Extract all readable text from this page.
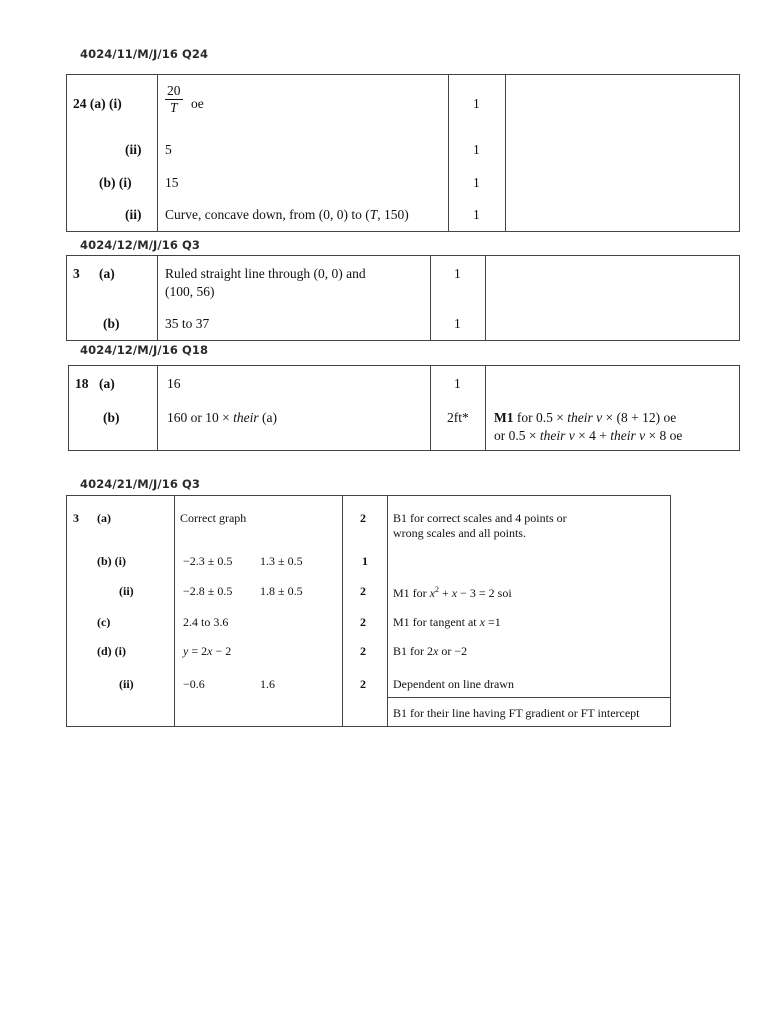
4024/11/M/J/16 Q24
24 (a) (i)	$\frac{20}{T}$ oe	1
(ii) 5	1
(b) (i) 15	1
(ii) Curve, concave down, from (0, 0) to (T, 150)	1
4024/12/M/J/16 Q3
3 (a)	Ruled straight line through (0, 0) and
(100, 56)
1
(b)	35 to 37	1
4024/12/M/J/16 Q18
18 (a)	16	1
(b)	160 or 10 × their (a)	2ft* M1 for 0.5 × their v × (8 + 12) oe
or 0.5 × their v × 4 + their v × 8 oe
4024/21/M/J/16 Q3
3 (a)	Correct graph	2 B1 for correct scales and 4 points or
wrong scales and all points.
(b) (i)	−2.3 ± 0.5 1.3 ± 0.5	1
(ii)	−2.8 ± 0.5 1.8 ± 0.5	2 M1 for $x^2 + x - 3 = 2$ soi
(c)	2.4 to 3.6	2 M1 for tangent at x =1
(d) (i)	y = 2x − 2	2 B1 for 2x or −2
(ii)	−0.6	1.6	2 Dependent on line drawn
B1 for their line having FT gradient or FT intercept
